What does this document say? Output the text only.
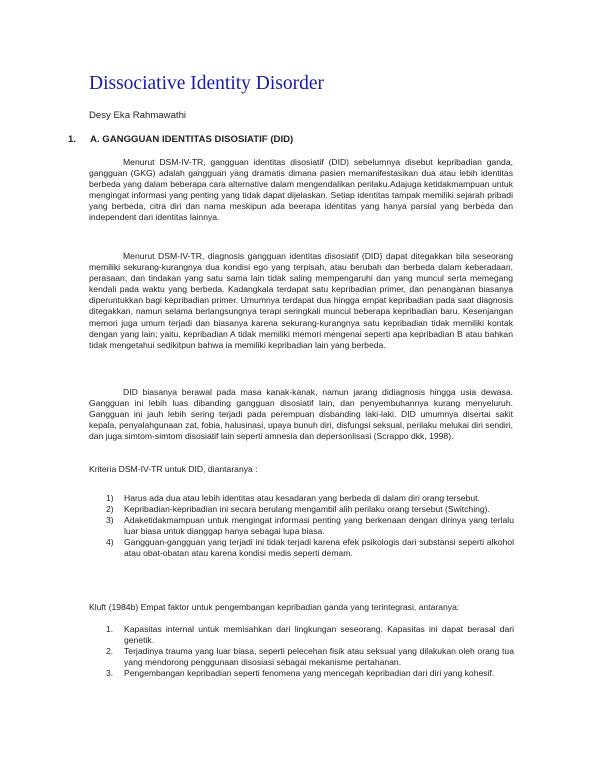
Dissociative Identity Disorder
Desy Eka Rahmawathi
1. A. GANGGUAN IDENTITAS DISOSIATIF (DID)

Menurut DSM-IV-TR, gangguan identitas disosiatif (DID) sebelumnya disebut kepribadian ganda, gangguan (GKG) adalah gangguan yang dramatis dimana pasien memanifestasikan dua atau lebih identitas berbeda yang dalam beberapa cara alternative dalam mengendalikan perilaku.Adajuga ketidakmampuan untuk mengingat informasi yang penting yang tidak dapat dijelaskan. Setiap identitas tampak memiliki sejarah pribadi yang berbeda, citra diri dan nama meskipun ada beerapa identitas yang hanya parsial yang berbeda dan independent dari identitas lainnya.

Menurut DSM-IV-TR, diagnosis gangguan identitas disosiatif (DID) dapat ditegakkan bila seseorang memiliki sekurang-kurangnya dua kondisi ego yang terpisah, atau berubah dan berbeda dalam keberadaan, perasaan, dan tindakan yang satu sama lain tidak saling mempengaruhi dan yang muncul serta memegang kendali pada waktu yang berbeda. Kadangkala terdapat satu kepribadian primer, dan penanganan biasanya diperuntukkan bagi kepribadian primer. Umumnya terdapat dua hingga empat kepribadian pada saat diagnosis ditegakkan, namun selama berlangsungnya terapi seringkali muncul beberapa kepribadian baru. Kesenjangan memori juga umum terjadi dan biasanya karena sekurang-kurangnya satu kepribadian tidak memiliki kontak dengan yang lain; yaitu, kepribadian A tidak memiliki memori mengenai seperti apa kepribadian B atau bahkan tidak mengetahui sedikitpun bahwa ia memiliki kepribadian lain yang berbeda.

DID biasanya berawal pada masa kanak-kanak, namun jarang didiagnosis hingga usia dewasa. Gangguan ini lebih luas dibanding gangguan disosiatif lain, dan penyembuhannya kurang menyeluruh. Gangguan ini jauh lebih sering terjadi pada perempuan disbanding laki-laki. DID umumnya disertai sakit kepala, penyalahgunaan zat, fobia, halusinasi, upaya bunuh diri, disfungsi seksual, perilaku melukai diri sendiri, dan juga simtom-simtom disosiatif lain seperti amnesia dan depersonlisasi (Scrappo dkk, 1998).

Kriteria DSM-IV-TR untuk DID, diantaranya :

1) Harus ada dua atau lebih identitas atau kesadaran yang berbeda di dalam diri orang tersebut.
2) Kepribadian-kepribadian ini secara berulang mengambil alih perilaku orang tersebut (Switching).
3) Adaketidakmampuan untuk mengingat informasi penting yang berkenaan dengan dirinya yang terlalu luar biasa untuk dianggap hanya sebagai lupa biasa.
4) Gangguan-gangguan yang terjadi ini tidak terjadi karena efek psikologis dari substansi seperti alkohol atau obat-obatan atau karena kondisi medis seperti demam.

Kluft (1984b) Empat faktor untuk pengembangan kepribadian ganda yang terintegrasi, antaranya:

1. Kapasitas internal untuk memisahkan dari lingkungan seseorang. Kapasitas ini dapat berasal dari genetik.
2. Terjadinya trauma yang luar biasa, seperti pelecehan fisik atau seksual yang dilakukan oleh orang tua yang mendorong penggunaan disosiasi sebagai mekanisme pertahanan.
3. Pengembangan kepribadian seperti fenomena yang mencegah kepribadian dari diri yang kohesif.
